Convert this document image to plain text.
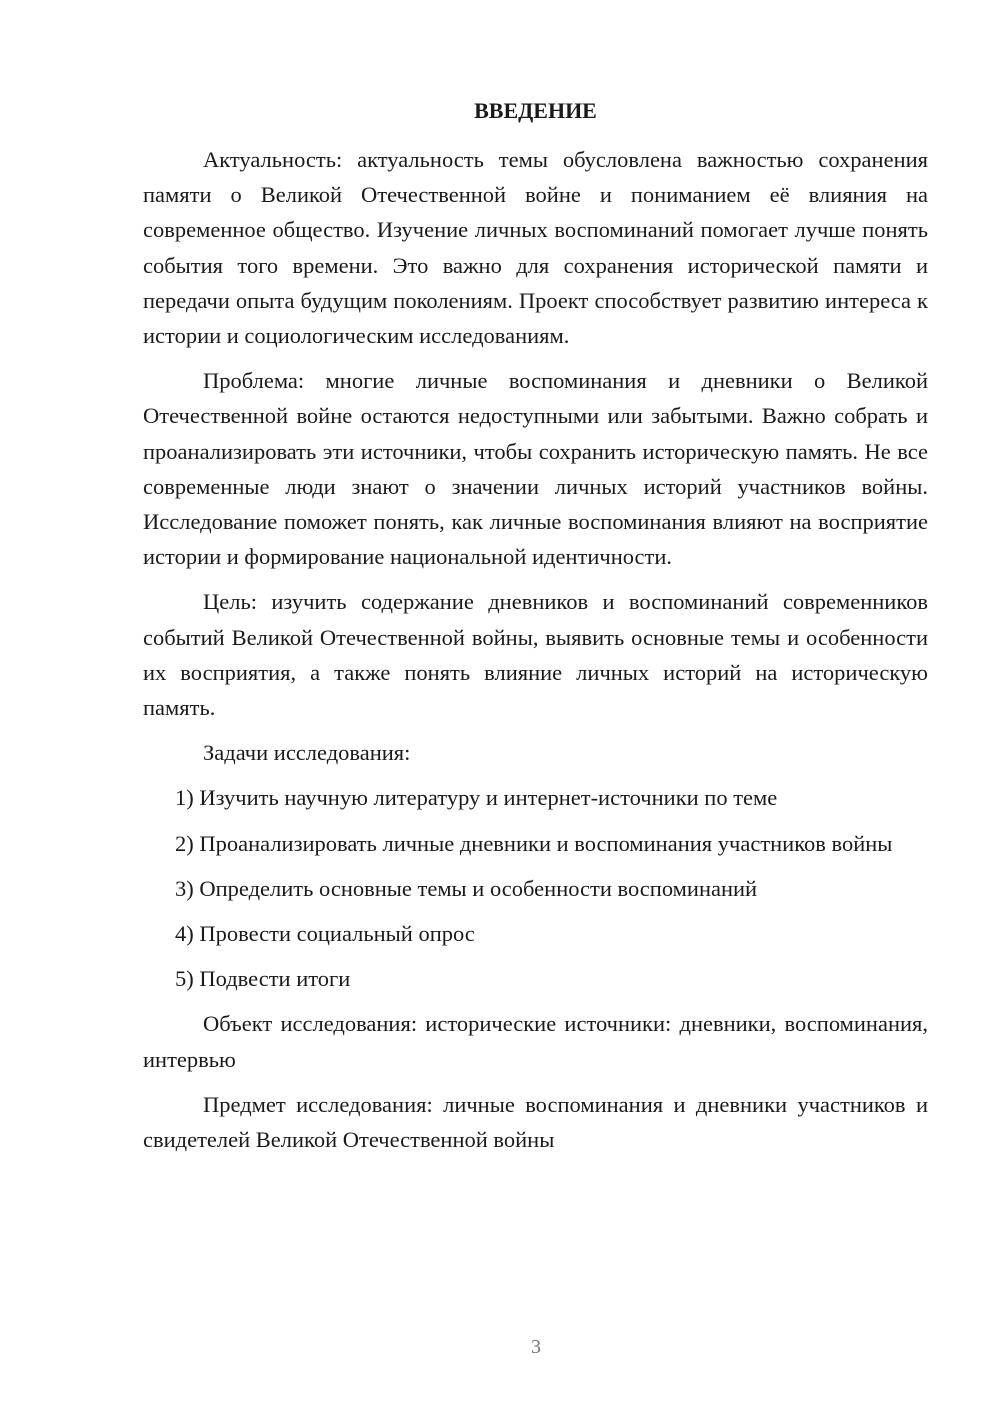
ВВЕДЕНИЕ

Актуальность: актуальность темы обусловлена важностью сохранения памяти о Великой Отечественной войне и пониманием её влияния на современное общество. Изучение личных воспоминаний помогает лучше понять события того времени. Это важно для сохранения исторической памяти и передачи опыта будущим поколениям. Проект способствует развитию интереса к истории и социологическим исследованиям.

Проблема: многие личные воспоминания и дневники о Великой Отечественной войне остаются недоступными или забытыми. Важно собрать и проанализировать эти источники, чтобы сохранить историческую память. Не все современные люди знают о значении личных историй участников войны. Исследование поможет понять, как личные воспоминания влияют на восприятие истории и формирование национальной идентичности.

Цель: изучить содержание дневников и воспоминаний современников событий Великой Отечественной войны, выявить основные темы и особенности их восприятия, а также понять влияние личных историй на историческую память.

Задачи исследования:

1) Изучить научную литературу и интернет-источники по теме

2) Проанализировать личные дневники и воспоминания участников войны

3) Определить основные темы и особенности воспоминаний

4) Провести социальный опрос

5) Подвести итоги

Объект исследования: исторические источники: дневники, воспоминания, интервью

Предмет исследования: личные воспоминания и дневники участников и свидетелей Великой Отечественной войны

3
